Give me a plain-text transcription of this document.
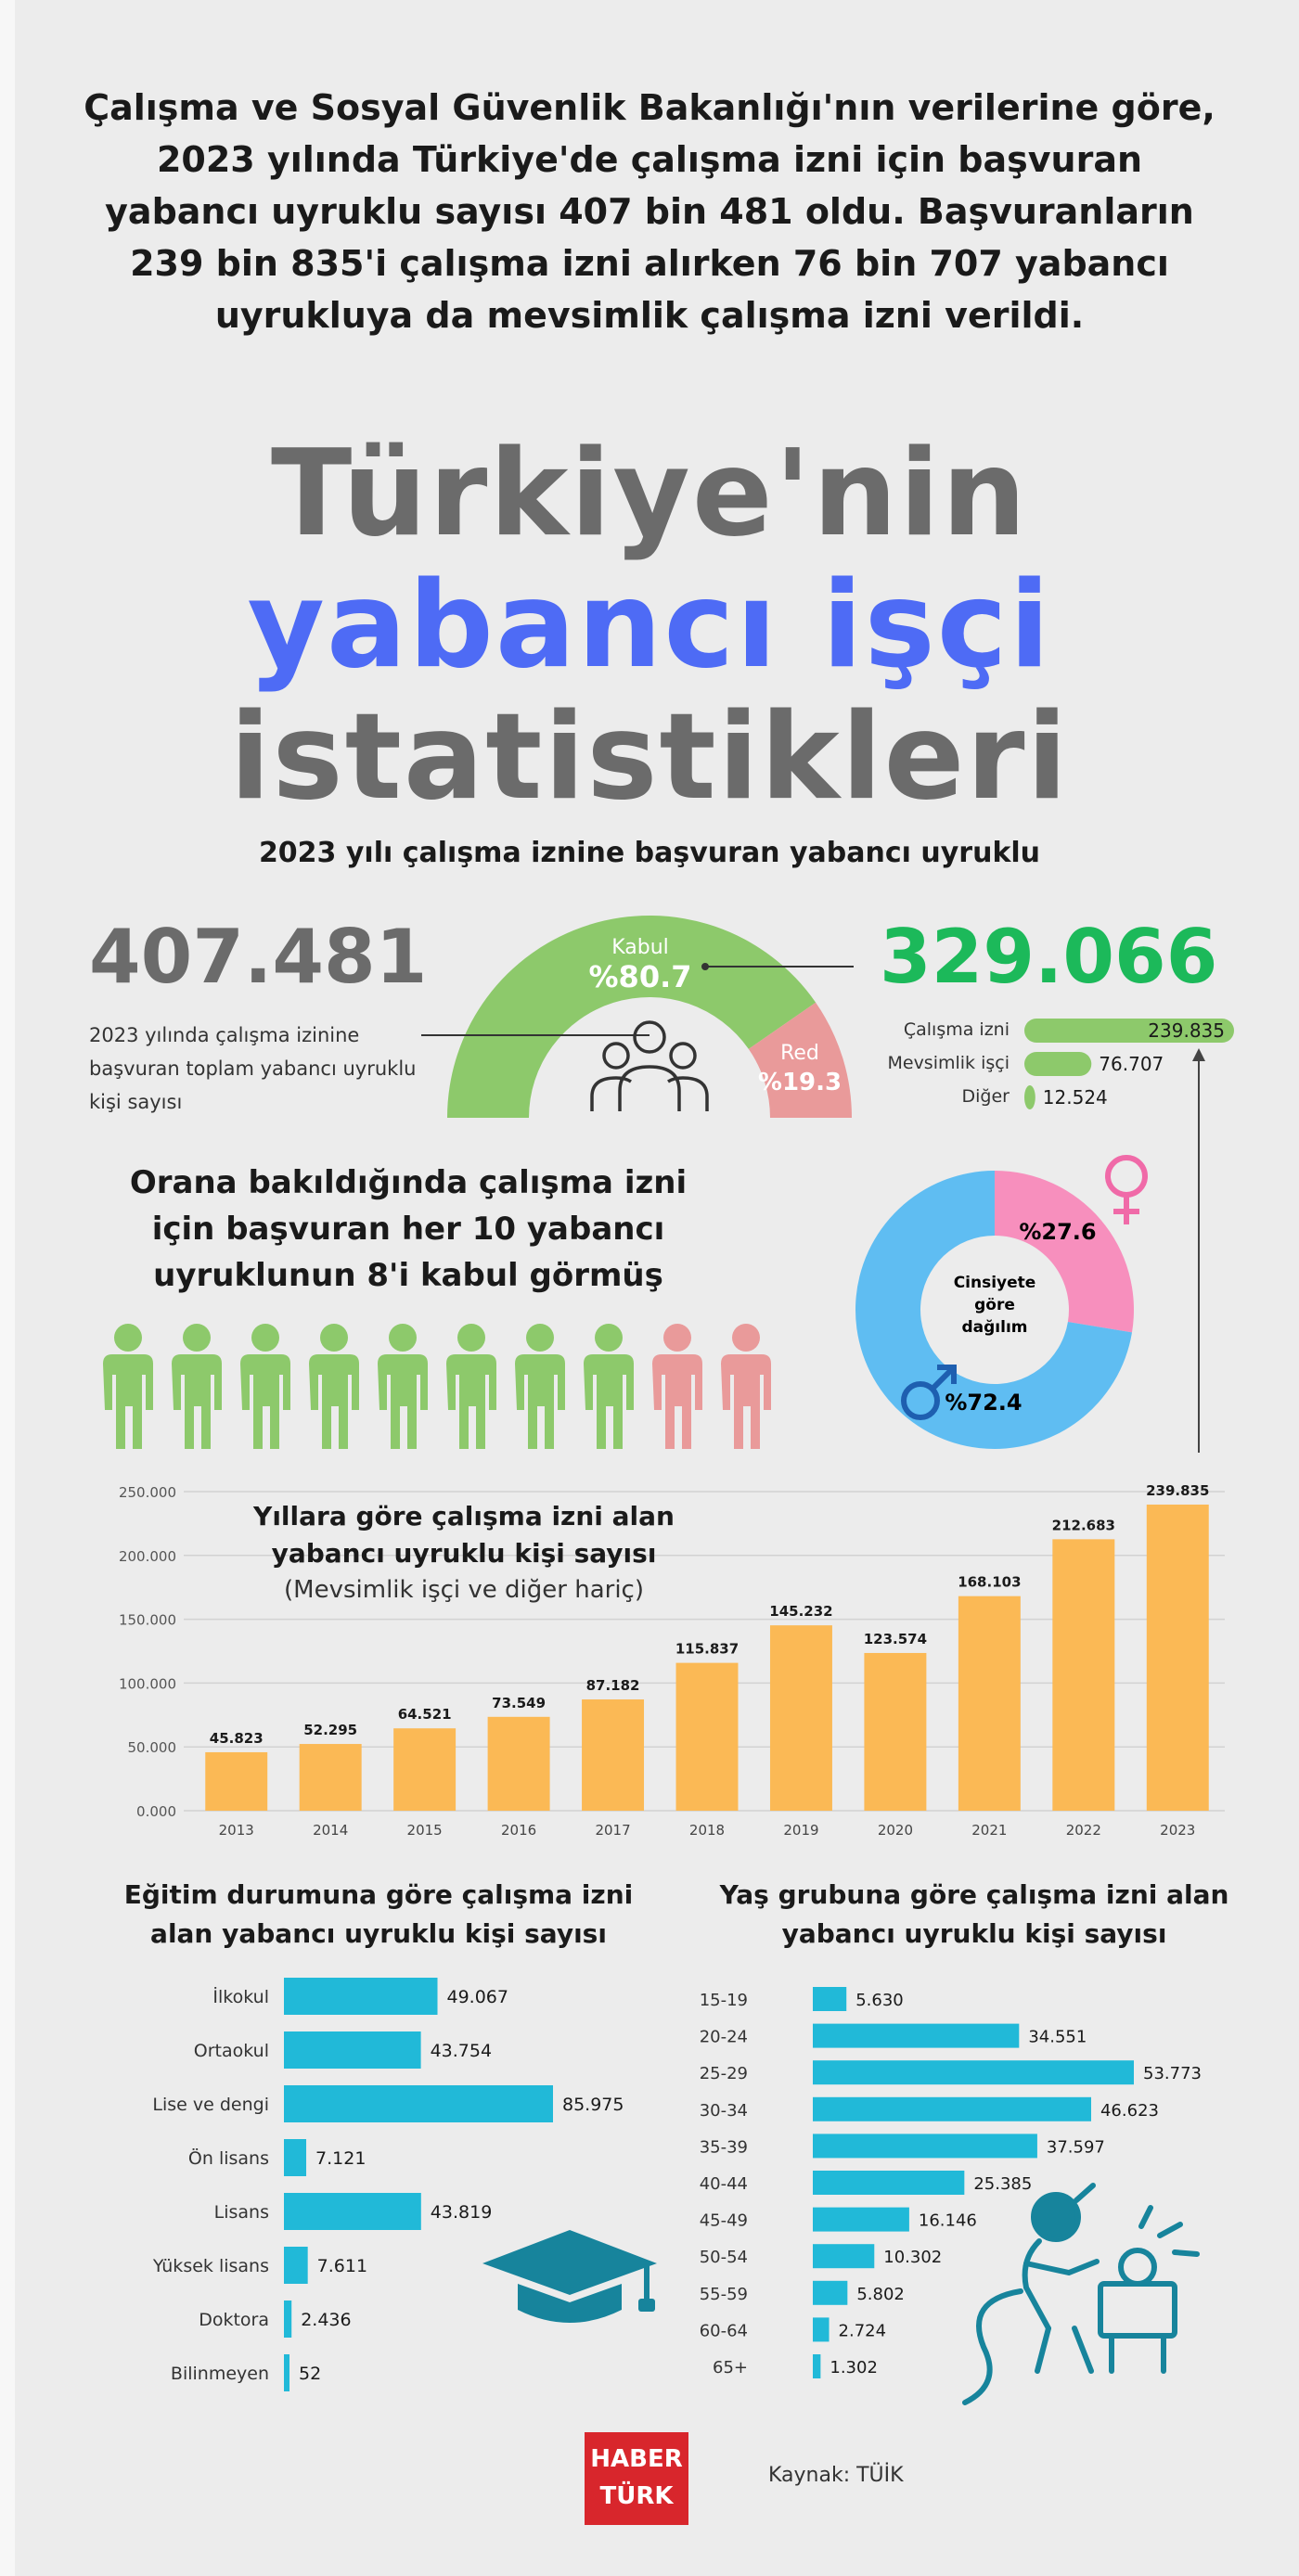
Çalışma ve Sosyal Güvenlik Bakanlığı'nın verilerine göre, 2023 yılında Türkiye'de çalışma izni için başvuran yabancı uyruklu sayısı 407 bin 481 oldu. Başvuranların 239 bin 835'i çalışma izni alırken 76 bin 707 yabancı uyrukluya da mevsimlik çalışma izni verildi.
Türkiye'nin
yabancı işçi
istatistikleri
2023 yılı çalışma iznine başvuran yabancı uyruklu
407.481
2023 yılında çalışma izinine başvuran toplam yabancı uyruklu kişi sayısı
329.066
Orana bakıldığında çalışma izni için başvuran her 10 yabancı uyruklunun 8'i kabul görmüş
Kabul
%80.7
Red
%19.3
Çalışma izni	239.835
Mevsimlik işçi	76.707
Diğer 12.524
Cinsiyete
göre
dağılım
%27.6
%72.4
0.000
50.000
100.000
150.000
200.000
250.000
45.823
2013
52.295
2014
64.521
2015
73.549
2016
87.182
2017
115.837
2018
145.232
2019
123.574
2020
168.103
2021
212.683
2022
239.835
2023
Yıllara göre çalışma izni alan
yabancı uyruklu kişi sayısı
(Mevsimlik işçi ve diğer hariç)
İlkokul	49.067
Ortaokul	43.754
Lise ve dengi	85.975
Ön lisans	7.121
Lisans	43.819
Yüksek lisans	7.611
Doktora 2.436
Bilinmeyen 52
15-19	5.630
20-24	34.551
25-29	53.773
30-34	46.623
35-39	37.597
40-44	25.385
45-49	16.146
50-54	10.302
55-59	5.802
60-64	2.724
65+	1.302
Eğitim durumuna göre çalışma izni alan yabancı uyruklu kişi sayısı
Yaş grubuna göre çalışma izni alan yabancı uyruklu kişi sayısı
HABER
TÜRK
Kaynak: TÜİK
